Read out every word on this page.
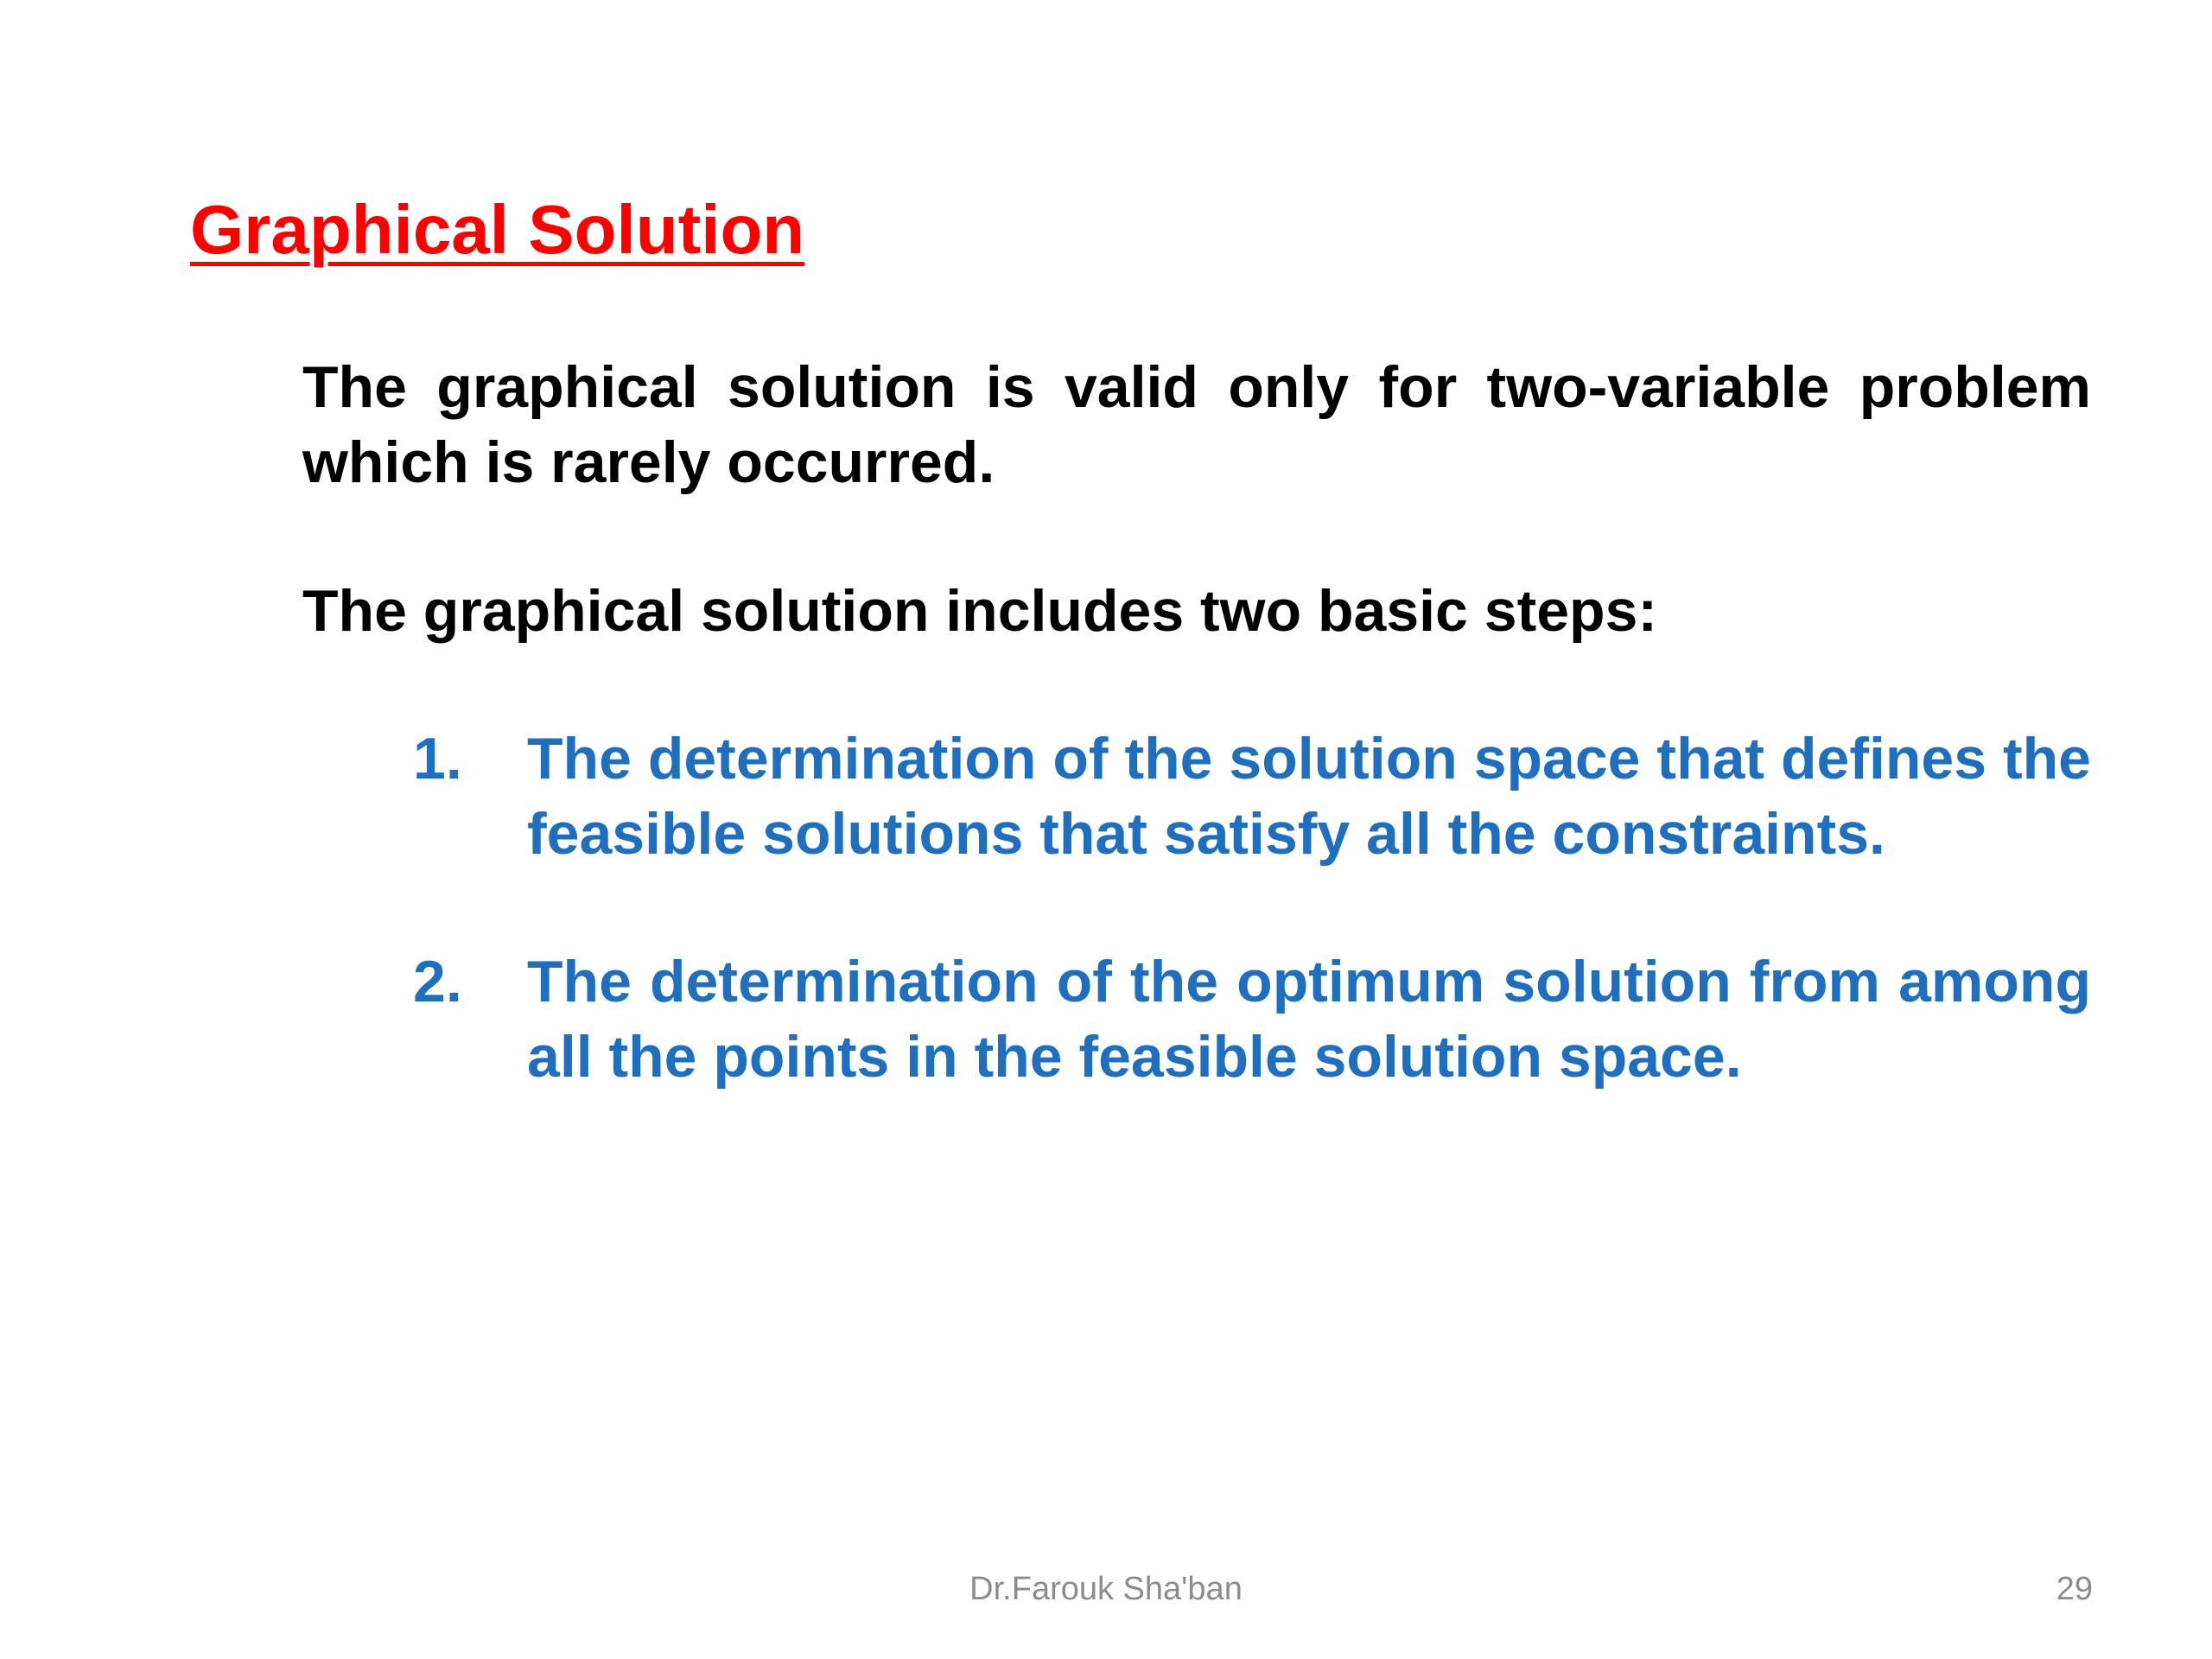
Graphical Solution

The graphical solution is valid only for two-variable problem which is rarely occurred.

The graphical solution includes two basic steps:

1. The determination of the solution space that defines the feasible solutions that satisfy all the constraints.
2. The determination of the optimum solution from among all the points in the feasible solution space.
Dr.Farouk Sha'ban	29
